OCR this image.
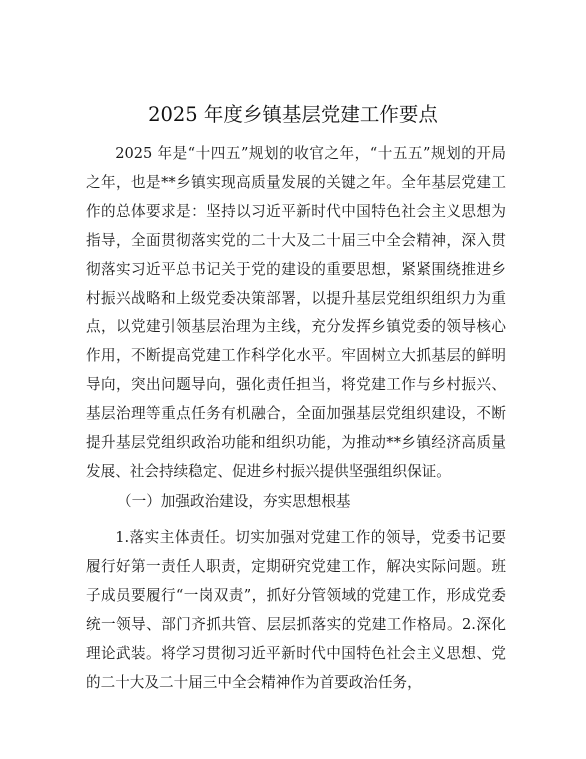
2025 年度乡镇基层党建工作要点

2025 年是“十四五”规划的收官之年，“十五五”规划的开局之年，也是**乡镇实现高质量发展的关键之年。全年基层党建工作的总体要求是：坚持以习近平新时代中国特色社会主义思想为指导，全面贯彻落实党的二十大及二十届三中全会精神，深入贯彻落实习近平总书记关于党的建设的重要思想，紧紧围绕推进乡村振兴战略和上级党委决策部署，以提升基层党组织组织力为重点，以党建引领基层治理为主线，充分发挥乡镇党委的领导核心作用，不断提高党建工作科学化水平。牢固树立大抓基层的鲜明导向，突出问题导向，强化责任担当，将党建工作与乡村振兴、基层治理等重点任务有机融合，全面加强基层党组织建设，不断提升基层党组织政治功能和组织功能，为推动**乡镇经济高质量发展、社会持续稳定、促进乡村振兴提供坚强组织保证。

（一）加强政治建设，夯实思想根基

1.落实主体责任。切实加强对党建工作的领导，党委书记要履行好第一责任人职责，定期研究党建工作，解决实际问题。班子成员要履行“一岗双责”，抓好分管领域的党建工作，形成党委统一领导、部门齐抓共管、层层抓落实的党建工作格局。2.深化理论武装。将学习贯彻习近平新时代中国特色社会主义思想、党的二十大及二十届三中全会精神作为首要政治任务，
